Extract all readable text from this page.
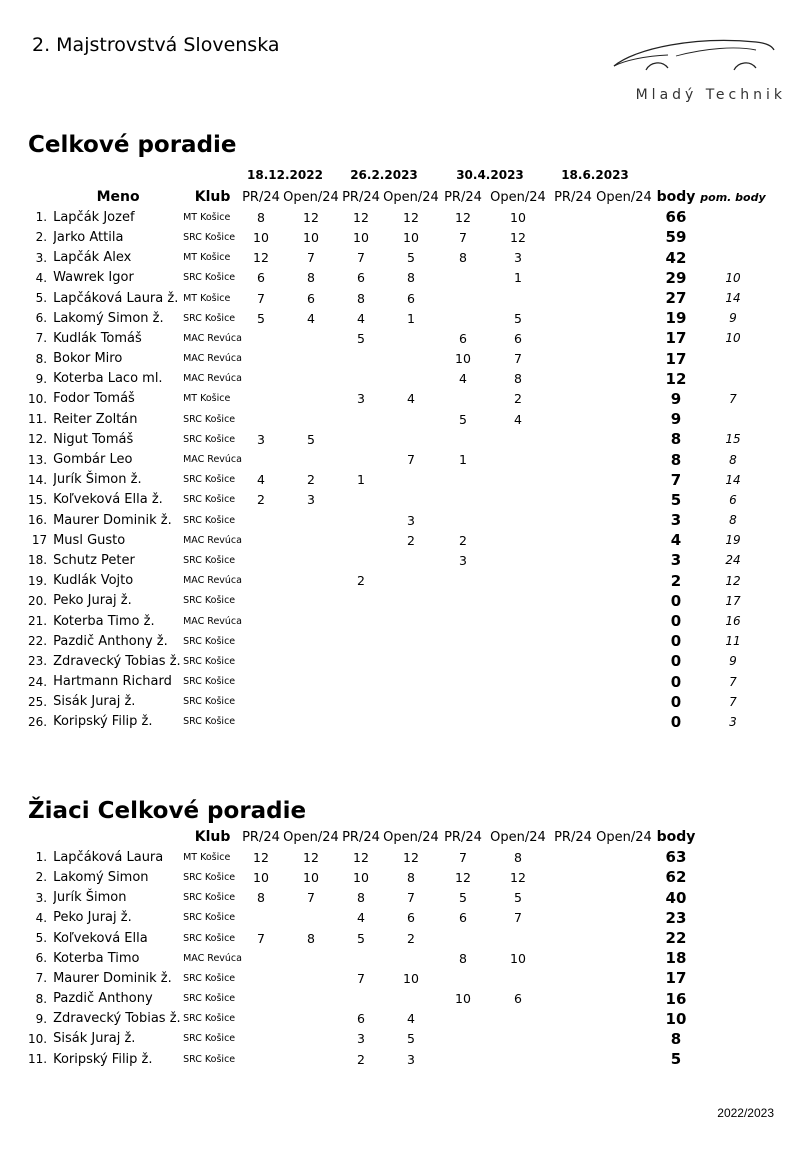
2. Majstrovstvá Slovenska
Mladý Technik
Celkové poradie
18.12.2022	26.2.2023	30.4.2023	18.6.2023
	Meno	Klub	PR/24	Open/24	PR/24	Open/24	PR/24	Open/24	PR/24	Open/24	body	pom. body
1.	Lapčák Jozef	MT Košice	8	12	12	12	12	10			66	
2.	Jarko Attila	SRC Košice	10	10	10	10	7	12			59	
3.	Lapčák Alex	MT Košice	12	7	7	5	8	3			42	
4.	Wawrek Igor	SRC Košice	6	8	6	8		1			29	10
5.	Lapčáková Laura ž.	MT Košice	7	6	8	6					27	14
6.	Lakomý Simon ž.	SRC Košice	5	4	4	1		5			19	9
7.	Kudlák Tomáš	MAC Revúca			5		6	6			17	10
8.	Bokor Miro	MAC Revúca					10	7			17	
9.	Koterba Laco ml.	MAC Revúca					4	8			12	
10.	Fodor Tomáš	MT Košice			3	4		2			9	7
11.	Reiter Zoltán	SRC Košice					5	4			9	
12.	Nigut Tomáš	SRC Košice	3	5							8	15
13.	Gombár Leo	MAC Revúca				7	1				8	8
14.	Jurík Šimon ž.	SRC Košice	4	2	1						7	14
15.	Koľveková Ella ž.	SRC Košice	2	3							5	6
16.	Maurer Dominik ž.	SRC Košice				3					3	8
17	Musl Gusto	MAC Revúca				2	2				4	19
18.	Schutz Peter	SRC Košice					3				3	24
19.	Kudlák Vojto	MAC Revúca			2						2	12
20.	Peko Juraj ž.	SRC Košice									0	17
21.	Koterba Timo ž.	MAC Revúca									0	16
22.	Pazdič Anthony ž.	SRC Košice									0	11
23.	Zdravecký Tobias ž.	SRC Košice									0	9
24.	Hartmann Richard	SRC Košice									0	7
25.	Sisák Juraj ž.	SRC Košice									0	7
26.	Koripský Filip ž.	SRC Košice									0	3
Žiaci Celkové poradie
		Klub	PR/24	Open/24	PR/24	Open/24	PR/24	Open/24	PR/24	Open/24	body
1.	Lapčáková Laura	MT Košice	12	12	12	12	7	8			63
2.	Lakomý Simon	SRC Košice	10	10	10	8	12	12			62
3.	Jurík Šimon	SRC Košice	8	7	8	7	5	5			40
4.	Peko Juraj ž.	SRC Košice			4	6	6	7			23
5.	Koľveková Ella	SRC Košice	7	8	5	2					22
6.	Koterba Timo	MAC Revúca					8	10			18
7.	Maurer Dominik ž.	SRC Košice			7	10					17
8.	Pazdič Anthony	SRC Košice					10	6			16
9.	Zdravecký Tobias ž.	SRC Košice			6	4					10
10.	Sisák Juraj ž.	SRC Košice			3	5					8
11.	Koripský Filip ž.	SRC Košice			2	3					5
2022/2023
